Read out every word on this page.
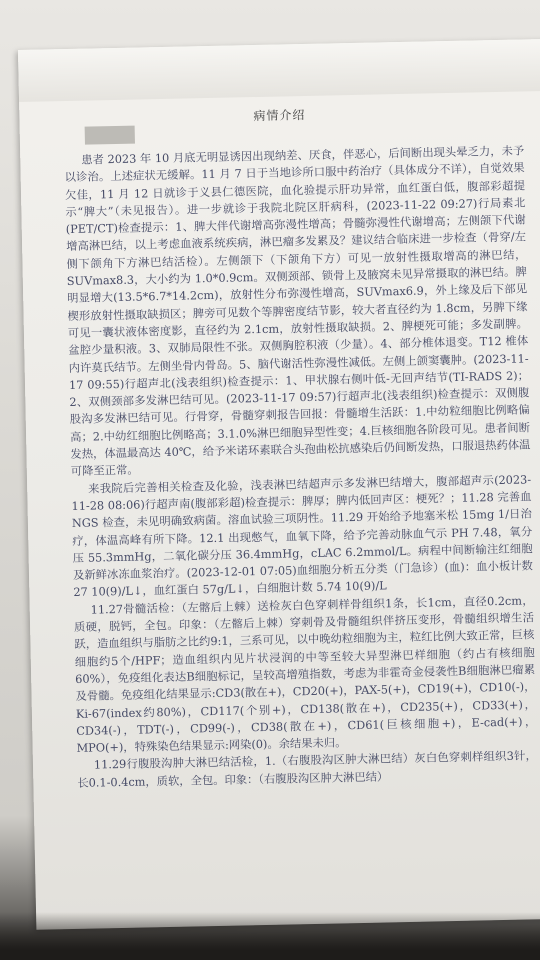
病情介绍

患者 2023 年 10 月底无明显诱因出现纳差、厌食，伴恶心，后间断出现头晕乏力，未予以诊治。上述症状无缓解。11 月 7 日于当地诊所口服中药治疗（具体成分不详），自觉效果欠佳，11 月 12 日就诊于义县仁德医院，血化验提示肝功异常，血红蛋白低，腹部彩超提示“脾大”（未见报告）。进一步就诊于我院北院区肝病科，(2023-11-22 09:27)行局素北(PET/CT)检查提示：1、脾大伴代谢增高弥漫性增高；骨髓弥漫性代谢增高；左侧颌下代谢增高淋巴结，以上考虑血液系统疾病，淋巴瘤多发累及？建议结合临床进一步检查（骨穿/左侧下颌角下方淋巴结活检）。左侧颌下（下颌角下方）可见一放射性摄取增高的淋巴结，SUVmax8.3，大小约为 1.0*0.9cm。双侧颈部、锁骨上及腋窝未见异常摄取的淋巴结。脾明显增大(13.5*6.7*14.2cm)，放射性分布弥漫性增高，SUVmax6.9，外上缘及后下部见楔形放射性摄取缺损区；脾旁可见数个等脾密度结节影，较大者直径约为 1.8cm，另脾下缘可见一囊状液体密度影，直径约为 2.1cm，放射性摄取缺损。2、脾梗死可能；多发副脾。盆腔少量积液。3、双肺局限性不张。双侧胸腔积液（少量）。4、部分椎体退变。T12 椎体内许莫氏结节。左侧坐骨内骨岛。5、脑代谢活性弥漫性减低。左侧上颌窦囊肿。(2023-11-17 09:55)行超声北(浅表组织)检查提示：1、甲状腺右侧叶低-无回声结节(TI-RADS 2)；2、双侧颈部多发淋巴结可见。(2023-11-17 09:57)行超声北(浅表组织)检查提示：双侧腹股沟多发淋巴结可见。行骨穿，骨髓穿刺报告回报：骨髓增生活跃：1.中幼粒细胞比例略偏高；2.中幼红细胞比例略高；3.1.0%淋巴细胞异型性变；4.巨核细胞各阶段可见。患者间断发热，体温最高达 40℃，给予米诺环素联合头孢曲松抗感染后仍间断发热，口服退热药体温可降至正常。

来我院后完善相关检查及化验，浅表淋巴结超声示多发淋巴结增大，腹部超声示(2023-11-28 08:06)行超声南(腹部彩超)检查提示：脾厚；脾内低回声区：梗死？；11.28 完善血 NGS 检查，未见明确致病菌。溶血试验三项阴性。11.29 开始给予地塞米松 15mg 1/日治疗，体温高峰有所下降。12.1 出现憋气，血氧下降，给予完善动脉血气示 PH 7.48，氧分压 55.3mmHg，二氧化碳分压 36.4mmHg，cLAC 6.2mmol/L。病程中间断输注红细胞及新鲜冰冻血浆治疗。(2023-12-01 07:05)血细胞分析五分类（门急诊）(血)：血小板计数 27 10(9)/L↓，血红蛋白 57g/L↓，白细胞计数 5.74 10(9)/L

11.27骨髓活检：（左髂后上棘）送检灰白色穿刺样骨组织1条，长1cm，直径0.2cm，质硬，脱钙，全包。印象：（左髂后上棘）穿刺骨及骨髓组织伴挤压变形，骨髓组织增生活跃，造血组织与脂肪之比约9:1，三系可见，以中晚幼粒细胞为主，粒红比例大致正常，巨核细胞约5个/HPF；造血组织内见片状浸润的中等至较大异型淋巴样细胞（约占有核细胞60%），免疫组化表达B细胞标记，呈较高增殖指数，考虑为非霍奇金侵袭性B细胞淋巴瘤累及骨髓。免疫组化结果显示:CD3(散在+)，CD20(+)，PAX-5(+)，CD19(+)，CD10(-)，Ki-67(index约80%)，CD117(个别+)，CD138(散在+)，CD235(+)，CD33(+)，CD34(-)，TDT(-)，CD99(-)，CD38(散在+)，CD61(巨核细胞+)，E-cad(+)，MPO(+)，特殊染色结果显示:网染(0)。余结果未归。

11.29行腹股沟肿大淋巴结活检，1.（右腹股沟区肿大淋巴结）灰白色穿刺样组织3针，长0.1-0.4cm，质软，全包。印象：（右腹股沟区肿大淋巴结）
